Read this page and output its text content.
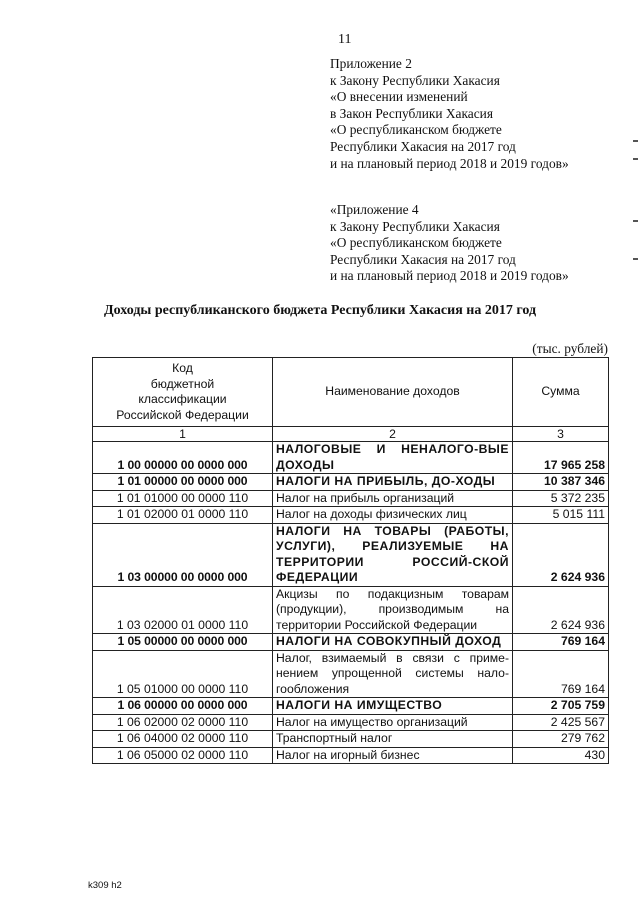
11
Приложение 2
к Закону Республики Хакасия
«О внесении изменений
в Закон Республики Хакасия
«О республиканском бюджете
Республики Хакасия на 2017 год
и на плановый период 2018 и 2019 годов»
«Приложение 4
к Закону Республики Хакасия
«О республиканском бюджете
Республики Хакасия на 2017 год
и на плановый период 2018 и 2019 годов»
Доходы республиканского бюджета Республики Хакасия на 2017 год
(тыс. рублей)
Код
бюджетной
классификации
Российской Федерации	Наименование доходов	Сумма
1	2	3
1 00 00000 00 0000 000	НАЛОГОВЫЕ И НЕНАЛОГО-ВЫЕ ДОХОДЫ	17 965 258
1 01 00000 00 0000 000	НАЛОГИ НА ПРИБЫЛЬ, ДО-ХОДЫ	10 387 346
1 01 01000 00 0000 110	Налог на прибыль организаций	5 372 235
1 01 02000 01 0000 110	Налог на доходы физических лиц	5 015 111
1 03 00000 00 0000 000	НАЛОГИ НА ТОВАРЫ (РАБОТЫ, УСЛУГИ), РЕАЛИЗУЕМЫЕ НА ТЕРРИТОРИИ РОССИЙ-СКОЙ ФЕДЕРАЦИИ	2 624 936
1 03 02000 01 0000 110	Акцизы по подакцизным товарам (продукции), производимым на территории Российской Федерации	2 624 936
1 05 00000 00 0000 000	НАЛОГИ НА СОВОКУПНЫЙ ДОХОД	769 164
1 05 01000 00 0000 110	Налог, взимаемый в связи с приме-нением упрощенной системы нало-гообложения	769 164
1 06 00000 00 0000 000	НАЛОГИ НА ИМУЩЕСТВО	2 705 759
1 06 02000 02 0000 110	Налог на имущество организаций	2 425 567
1 06 04000 02 0000 110	Транспортный налог	279 762
1 06 05000 02 0000 110	Налог на игорный бизнес	430
k309 h2
